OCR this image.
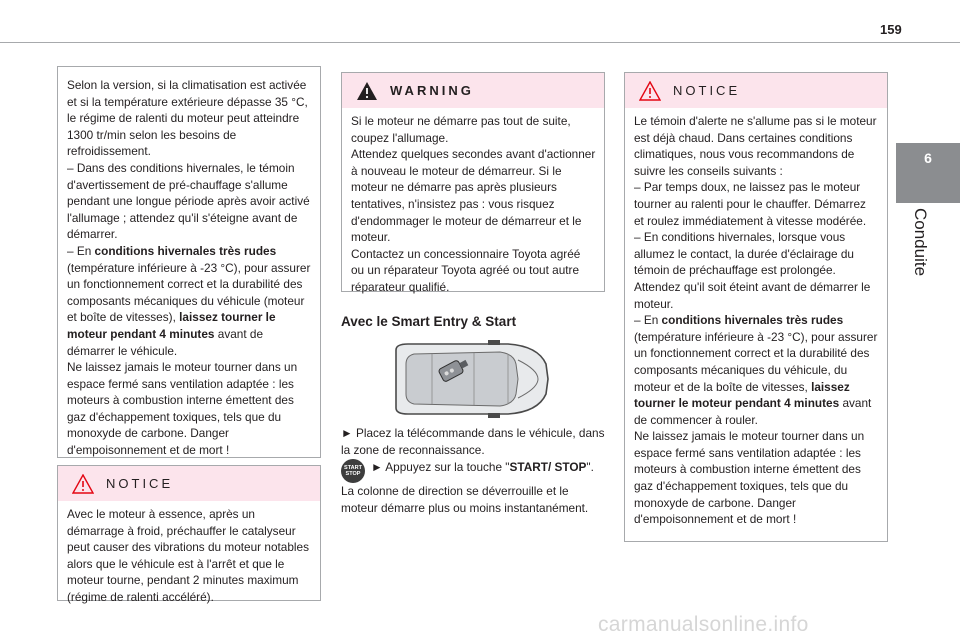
159
6
Conduite

Selon la version, si la climatisation est activée et si la température extérieure dépasse 35 °C, le régime de ralenti du moteur peut atteindre 1300 tr/min selon les besoins de refroidissement.

– Dans des conditions hivernales, le témoin d'avertissement de pré-chauffage s'allume pendant une longue période après avoir activé l'allumage ; attendez qu'il s'éteigne avant de démarrer.

– En conditions hivernales très rudes (température inférieure à -23 °C), pour assurer un fonctionnement correct et la durabilité des composants mécaniques du véhicule (moteur et boîte de vitesses), laissez tourner le moteur pendant 4 minutes avant de démarrer le véhicule.

Ne laissez jamais le moteur tourner dans un espace fermé sans ventilation adaptée : les moteurs à combustion interne émettent des gaz d'échappement toxiques, tels que du monoxyde de carbone. Danger d'empoisonnement et de mort !

NOTICE

Avec le moteur à essence, après un démarrage à froid, préchauffer le catalyseur peut causer des vibrations du moteur notables alors que le véhicule est à l'arrêt et que le moteur tourne, pendant 2 minutes maximum (régime de ralenti accéléré).

WARNING

Si le moteur ne démarre pas tout de suite, coupez l'allumage.

Attendez quelques secondes avant d'actionner à nouveau le moteur de démarreur. Si le moteur ne démarre pas après plusieurs tentatives, n'insistez pas : vous risquez d'endommager le moteur de démarreur et le moteur.

Contactez un concessionnaire Toyota agréé ou un réparateur Toyota agréé ou tout autre réparateur qualifié.

Avec le Smart Entry & Start

► Placez la télécommande dans le véhicule, dans la zone de reconnaissance.

START
STOP ► Appuyez sur la touche "START/ STOP".

La colonne de direction se déverrouille et le moteur démarre plus ou moins instantanément.

NOTICE

Le témoin d'alerte ne s'allume pas si le moteur est déjà chaud. Dans certaines conditions climatiques, nous vous recommandons de suivre les conseils suivants :

– Par temps doux, ne laissez pas le moteur tourner au ralenti pour le chauffer. Démarrez et roulez immédiatement à vitesse modérée.

– En conditions hivernales, lorsque vous allumez le contact, la durée d'éclairage du témoin de préchauffage est prolongée. Attendez qu'il soit éteint avant de démarrer le moteur.

– En conditions hivernales très rudes (température inférieure à -23 °C), pour assurer un fonctionnement correct et la durabilité des composants mécaniques du véhicule, du moteur et de la boîte de vitesses, laissez tourner le moteur pendant 4 minutes avant de commencer à rouler.

Ne laissez jamais le moteur tourner dans un espace fermé sans ventilation adaptée : les moteurs à combustion interne émettent des gaz d'échappement toxiques, tels que du monoxyde de carbone. Danger d'empoisonnement et de mort !

carmanualsonline.info
